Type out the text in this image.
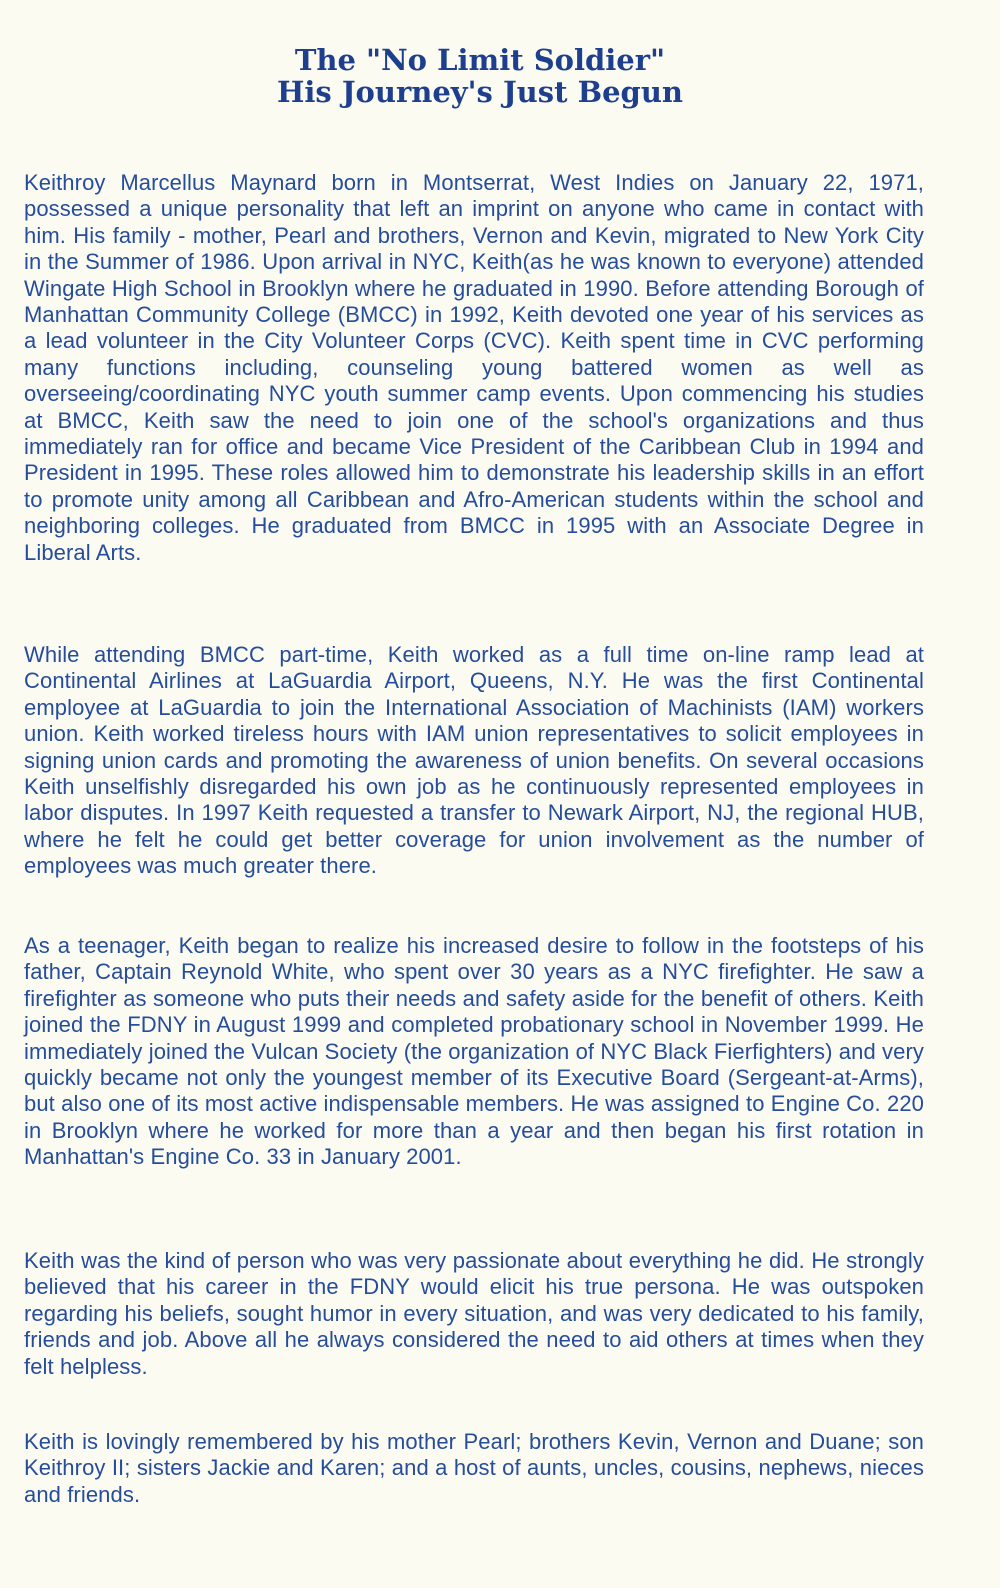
The "No Limit Soldier"
His Journey's Just Begun

Keithroy Marcellus Maynard born in Montserrat, West Indies on January 22, 1971, possessed a unique personality that left an imprint on anyone who came in contact with him. His family - mother, Pearl and brothers, Vernon and Kevin, migrated to New York City in the Summer of 1986. Upon arrival in NYC, Keith(as he was known to everyone) attended Wingate High School in Brooklyn where he graduated in 1990. Before attending Borough of Manhattan Community College (BMCC) in 1992, Keith devoted one year of his services as a lead volunteer in the City Volunteer Corps (CVC). Keith spent time in CVC performing many functions including, counseling young battered women as well as overseeing/coordinating NYC youth summer camp events. Upon commencing his studies at BMCC, Keith saw the need to join one of the school's organizations and thus immediately ran for office and became Vice President of the Caribbean Club in 1994 and President in 1995. These roles allowed him to demonstrate his leadership skills in an effort to promote unity among all Caribbean and Afro-American students within the school and neighboring colleges. He graduated from BMCC in 1995 with an Associate Degree in Liberal Arts.

While attending BMCC part-time, Keith worked as a full time on-line ramp lead at Continental Airlines at LaGuardia Airport, Queens, N.Y. He was the first Continental employee at LaGuardia to join the International Association of Machinists (IAM) workers union. Keith worked tireless hours with IAM union representatives to solicit employees in signing union cards and promoting the awareness of union benefits. On several occasions Keith unselfishly disregarded his own job as he continuously represented employees in labor disputes. In 1997 Keith requested a transfer to Newark Airport, NJ, the regional HUB, where he felt he could get better coverage for union involvement as the number of employees was much greater there.

As a teenager, Keith began to realize his increased desire to follow in the footsteps of his father, Captain Reynold White, who spent over 30 years as a NYC firefighter. He saw a firefighter as someone who puts their needs and safety aside for the benefit of others. Keith joined the FDNY in August 1999 and completed probationary school in November 1999. He immediately joined the Vulcan Society (the organization of NYC Black Fierfighters) and very quickly became not only the youngest member of its Executive Board (Sergeant-at-Arms), but also one of its most active indispensable members. He was assigned to Engine Co. 220 in Brooklyn where he worked for more than a year and then began his first rotation in Manhattan's Engine Co. 33 in January 2001.

Keith was the kind of person who was very passionate about everything he did. He strongly believed that his career in the FDNY would elicit his true persona. He was outspoken regarding his beliefs, sought humor in every situation, and was very dedicated to his family, friends and job. Above all he always considered the need to aid others at times when they felt helpless.

Keith is lovingly remembered by his mother Pearl; brothers Kevin, Vernon and Duane; son Keithroy II; sisters Jackie and Karen; and a host of aunts, uncles, cousins, nephews, nieces and friends.
